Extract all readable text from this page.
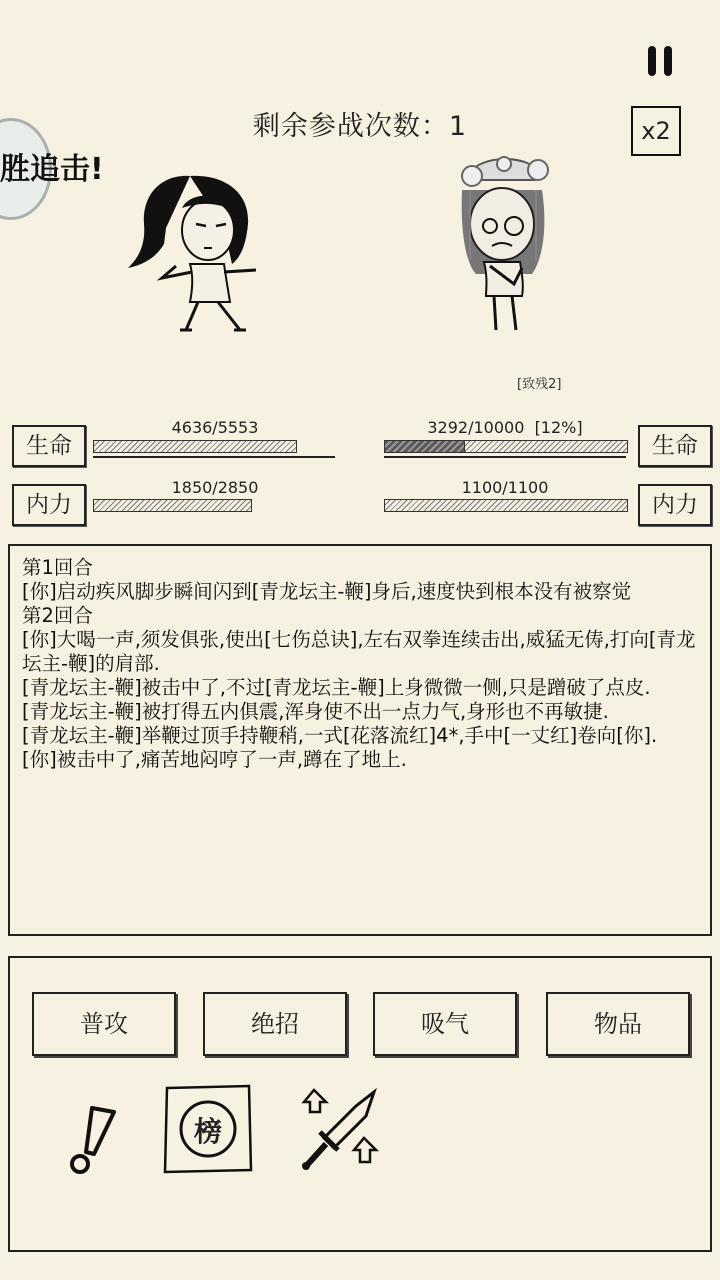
剩余参战次数：1	x2
胜追击!
[致残2]
生命
4636/5553
内力
1850/2850
生命
3292/10000 [12%]
内力
1100/1100
第1回合
[你]启动疾风脚步瞬间闪到[青龙坛主-鞭]身后,速度快到根本没有被察觉
第2回合
[你]大喝一声,须发俱张,使出[七伤总诀],左右双拳连续击出,威猛无俦,打向[青龙坛主-鞭]的肩部.
[青龙坛主-鞭]被击中了,不过[青龙坛主-鞭]上身微微一侧,只是蹭破了点皮.
[青龙坛主-鞭]被打得五内俱震,浑身使不出一点力气,身形也不再敏捷.
[青龙坛主-鞭]举鞭过顶手持鞭稍,一式[花落流红]4*,手中[一丈红]卷向[你].
[你]被击中了,痛苦地闷哼了一声,蹲在了地上.
普攻	绝招	吸气	物品
榜
